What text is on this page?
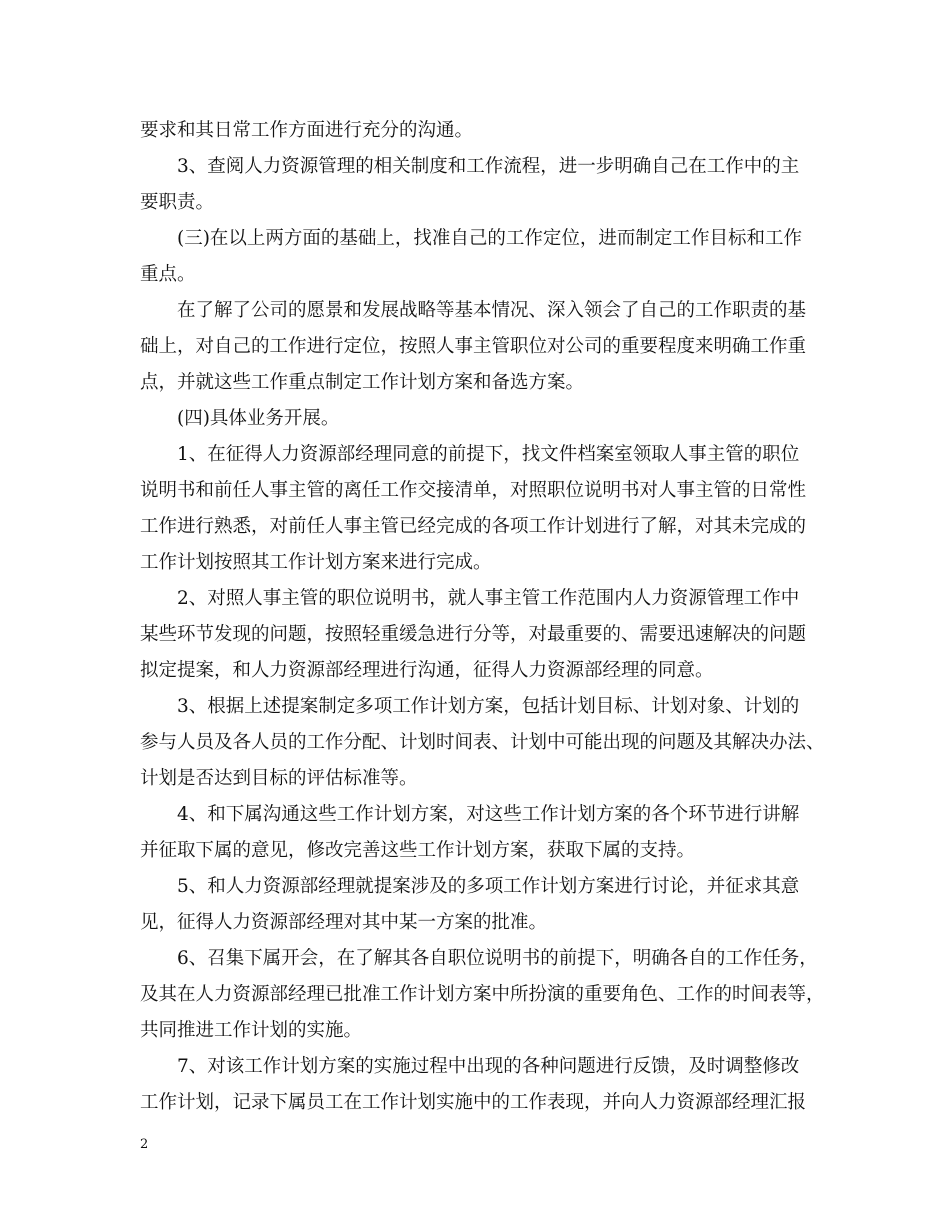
要求和其日常工作方面进行充分的沟通。
3、查阅人力资源管理的相关制度和工作流程，进一步明确自己在工作中的主
要职责。
(三)在以上两方面的基础上，找准自己的工作定位，进而制定工作目标和工作
重点。
在了解了公司的愿景和发展战略等基本情况、深入领会了自己的工作职责的基
础上，对自己的工作进行定位，按照人事主管职位对公司的重要程度来明确工作重
点，并就这些工作重点制定工作计划方案和备选方案。
(四)具体业务开展。
1、在征得人力资源部经理同意的前提下，找文件档案室领取人事主管的职位
说明书和前任人事主管的离任工作交接清单，对照职位说明书对人事主管的日常性
工作进行熟悉，对前任人事主管已经完成的各项工作计划进行了解，对其未完成的
工作计划按照其工作计划方案来进行完成。
2、对照人事主管的职位说明书，就人事主管工作范围内人力资源管理工作中
某些环节发现的问题，按照轻重缓急进行分等，对最重要的、需要迅速解决的问题
拟定提案，和人力资源部经理进行沟通，征得人力资源部经理的同意。
3、根据上述提案制定多项工作计划方案，包括计划目标、计划对象、计划的
参与人员及各人员的工作分配、计划时间表、计划中可能出现的问题及其解决办法、
计划是否达到目标的评估标准等。
4、和下属沟通这些工作计划方案，对这些工作计划方案的各个环节进行讲解
并征取下属的意见，修改完善这些工作计划方案，获取下属的支持。
5、和人力资源部经理就提案涉及的多项工作计划方案进行讨论，并征求其意
见，征得人力资源部经理对其中某一方案的批准。
6、召集下属开会，在了解其各自职位说明书的前提下，明确各自的工作任务，
及其在人力资源部经理已批准工作计划方案中所扮演的重要角色、工作的时间表等，
共同推进工作计划的实施。
7、对该工作计划方案的实施过程中出现的各种问题进行反馈，及时调整修改
工作计划，记录下属员工在工作计划实施中的工作表现，并向人力资源部经理汇报
2
